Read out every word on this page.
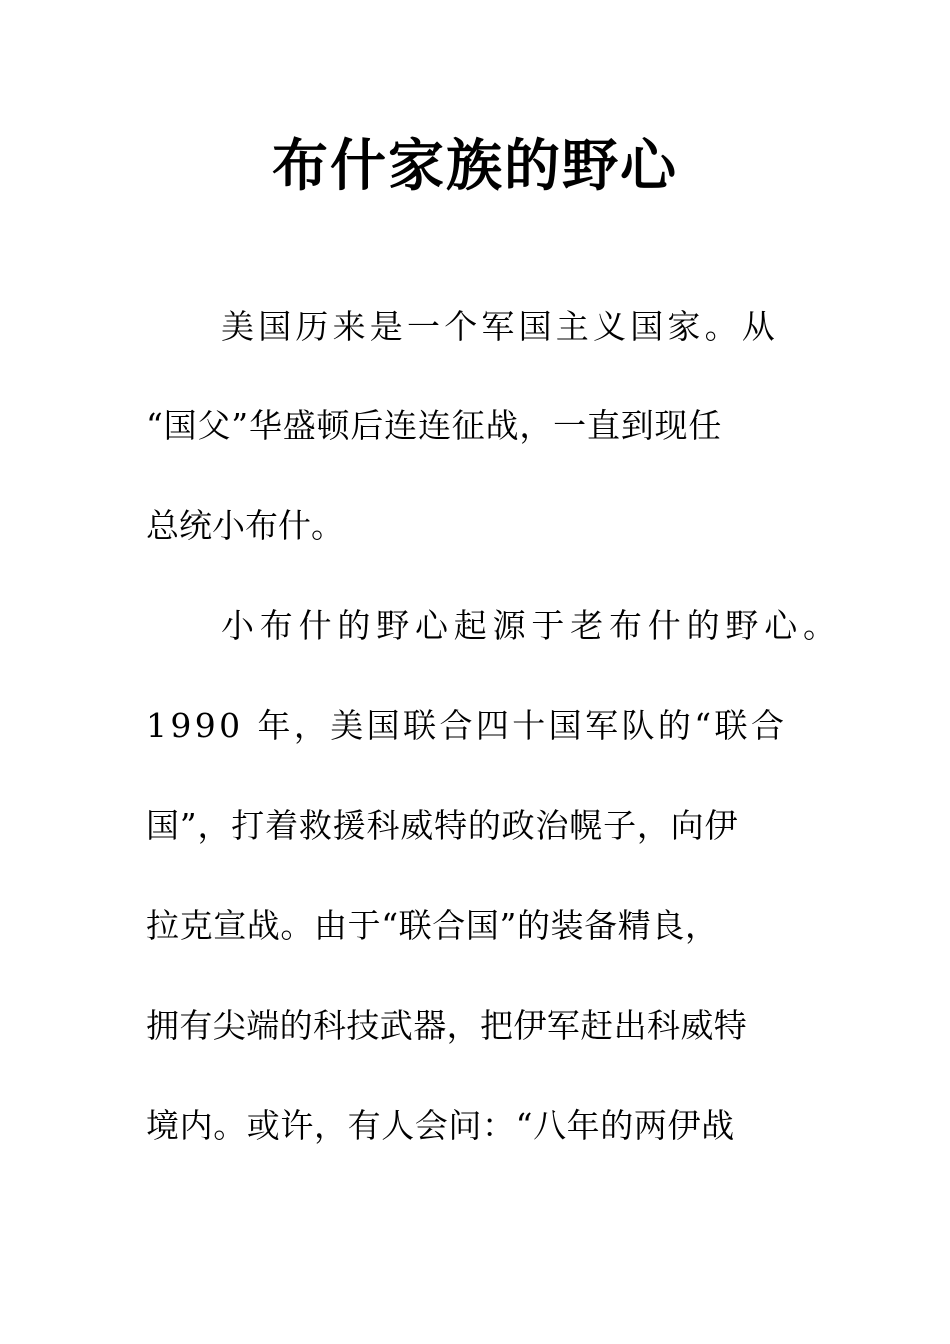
布什家族的野心

美国历来是一个军国主义国家。从

“国父”华盛顿后连连征战，一直到现任

总统小布什。

小布什的野心起源于老布什的野心。

1990 年，美国联合四十国军队的“联合

国”，打着救援科威特的政治幌子，向伊

拉克宣战。由于“联合国”的装备精良，

拥有尖端的科技武器，把伊军赶出科威特

境内。或许，有人会问：“八年的两伊战
